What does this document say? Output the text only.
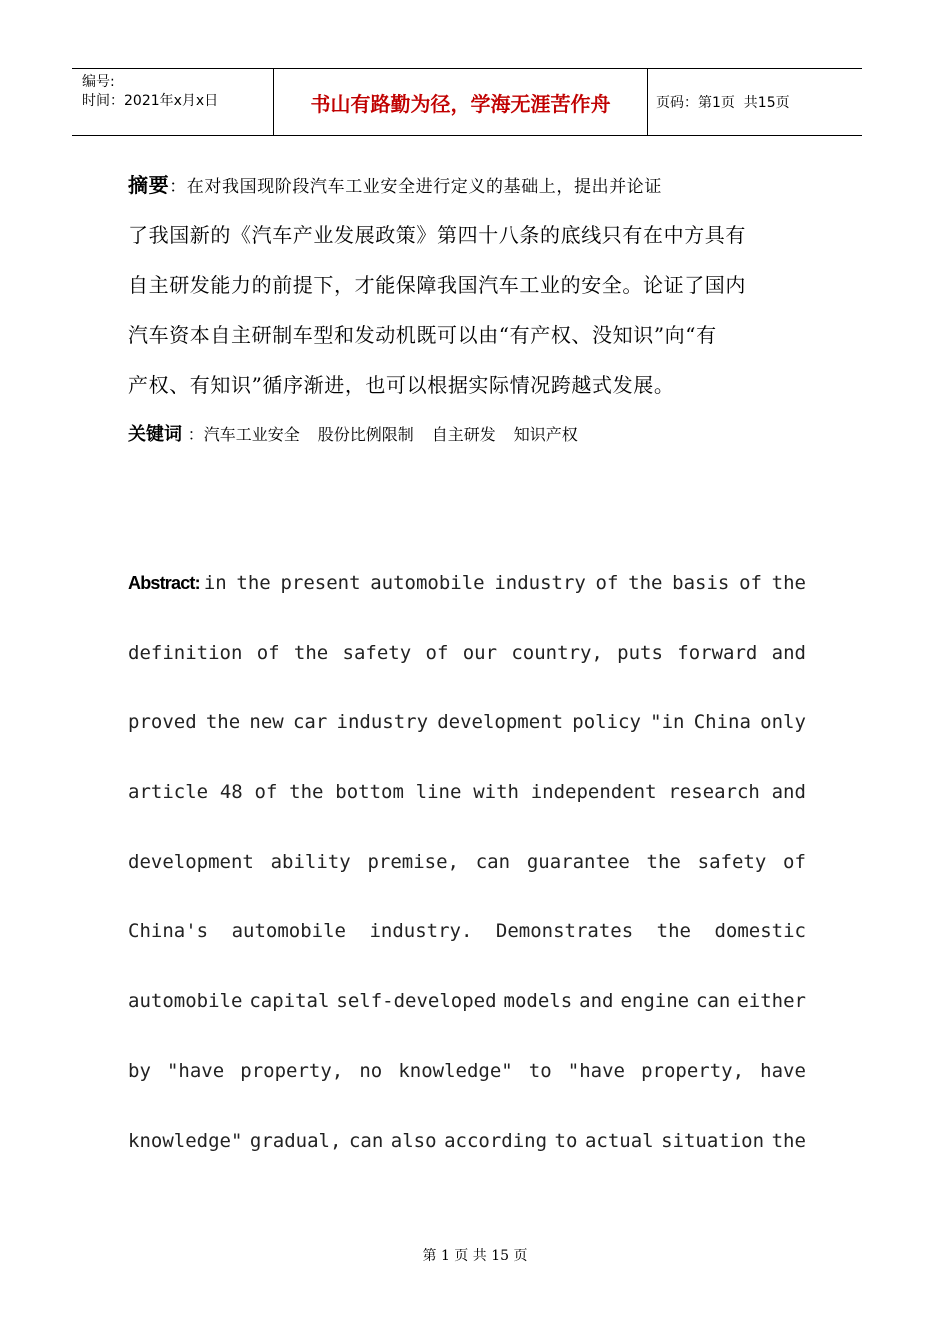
编号:
时间：2021年x月x日	书山有路勤为径，学海无涯苦作舟	页码：第1页  共15页
摘要：在对我国现阶段汽车工业安全进行定义的基础上，提出并论证
了我国新的《汽车产业发展政策》第四十八条的底线只有在中方具有
自主研发能力的前提下，才能保障我国汽车工业的安全。论证了国内
汽车资本自主研制车型和发动机既可以由“有产权、没知识”向“有
产权、有知识”循序渐进，也可以根据实际情况跨越式发展。
关键词 ：汽车工业安全 股份比例限制 自主研发 知识产权
Abstract: in the present automobile industry of the basis of the
definition of the safety of our country, puts forward and
proved the new car industry development policy "in China only
article 48 of the bottom line with independent research and
development ability premise, can guarantee the safety of
China's automobile industry. Demonstrates the domestic
automobile capital self-developed models and engine can either
by "have property, no knowledge" to "have property, have
knowledge" gradual, can also according to actual situation the
第 1 页 共 15 页
